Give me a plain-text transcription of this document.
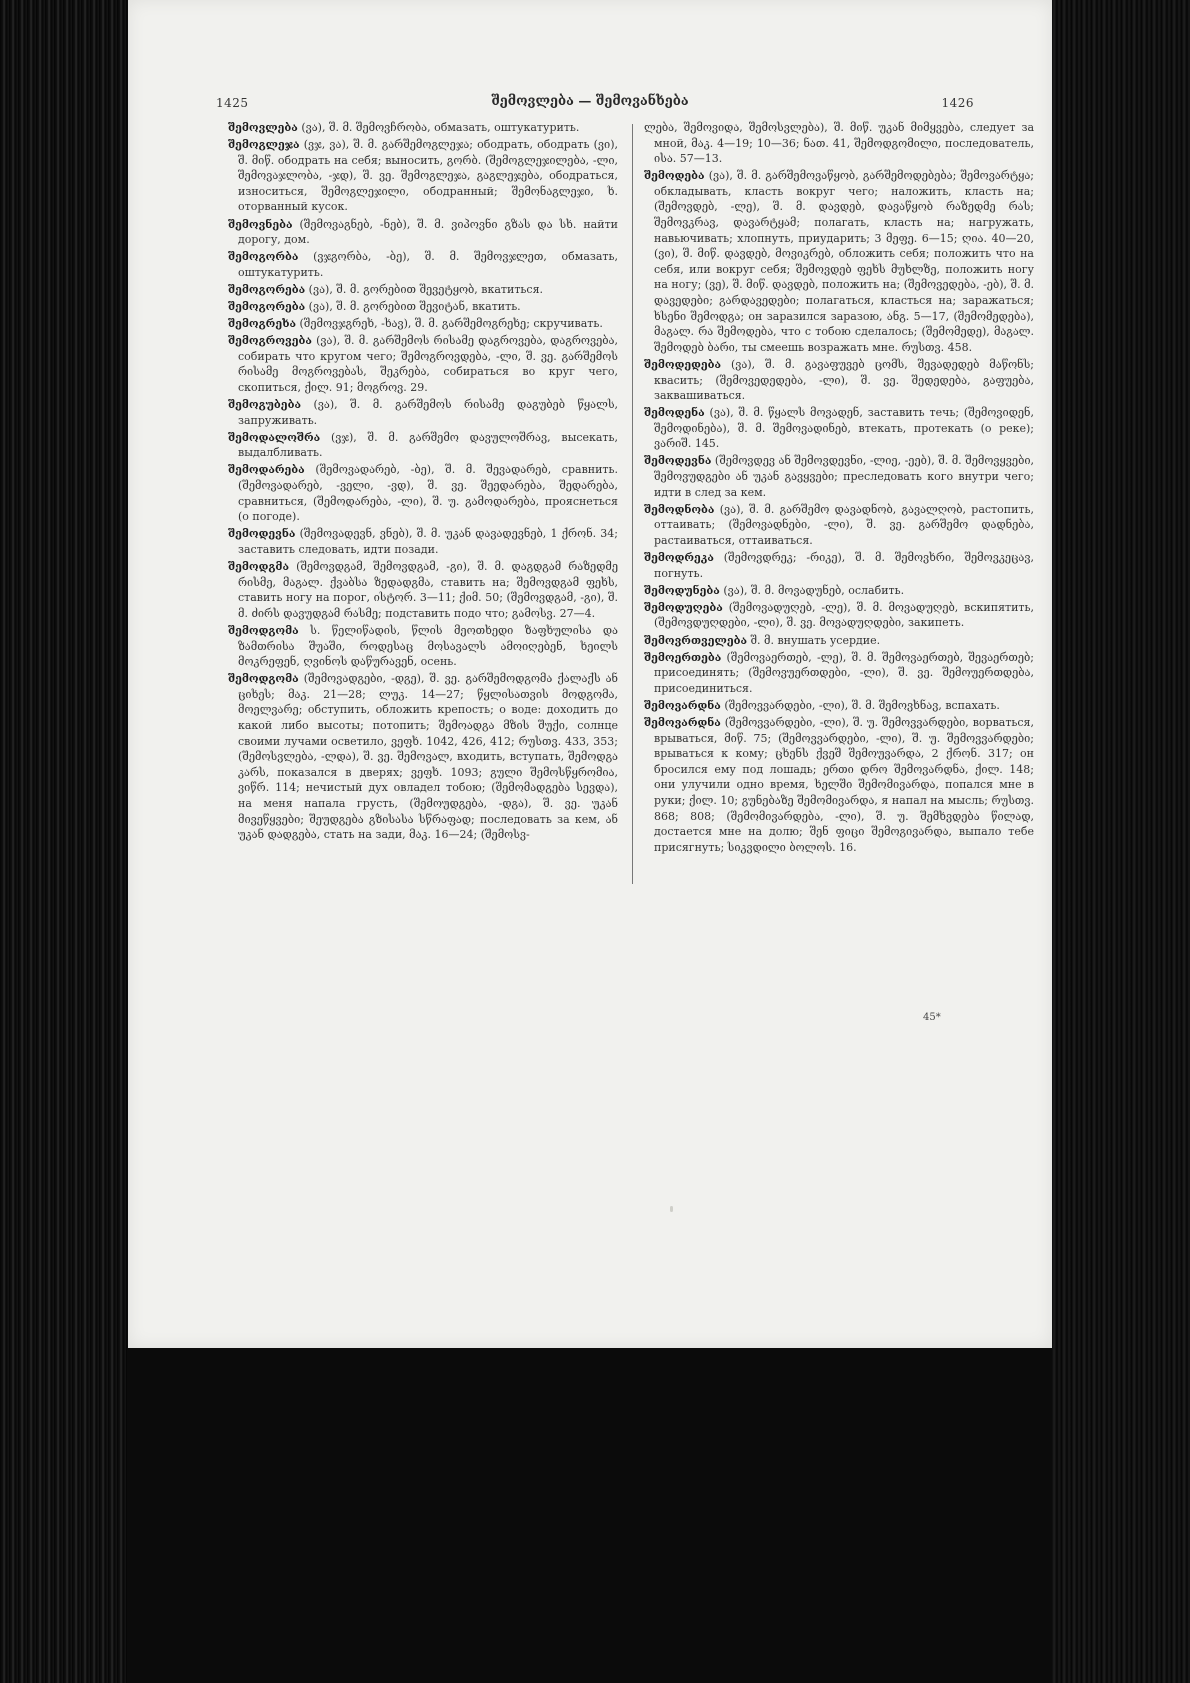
1425	შემოვლება — შემოვანხება	1426

შემოვლება (ვა), შ. მ. შემოვჩრობა, обмазать, оштукатурить.

შემოგლეჯა (ვჯ, ვა), შ. მ. გარშემოგლეჯა; ободрать, ободрать (ვი), შ. მიწ. ободрать на себя; выносить, გორბ. (შემოგლეჯილება, -ლი, შემოვაჯლობა, -ჯდ), შ. ვე. შემოგლეჯა, გაგლეჯება, ободраться, износиться, შემოგლეჯილი, ободранный; შემონაგლეჯი, ხ. оторванный кусок.

შემოვნება (შემოვაგნებ, -ნებ), შ. მ. ვიპოვნი გზას და სხ. найти дорогу, дом.

შემოგორბა (ვჯგორბა, -ბე), შ. მ. შემოვჯლეთ, обмазать, оштукатурить.

შემოგორება (ვა), შ. მ. გორებით შევეტყობ, вкатиться.

შემოგორება (ვა), შ. მ. გორებით შევიტან, вкатить.

შემოგრეხა (შემოვჯგრეხ, -ხავ), შ. მ. გარშემოგრეხე; скручивать.

შემოგროვება (ვა), შ. მ. გარშემოს რისამე დაგროვება, დაგროვება, собирать что кругом чего; შემოგროვდება, -ლი, შ. ვე. გარშემოს რისამე მოგროვებას, შეკრება, собираться во круг чего, скопиться, ქილ. 91; მოგროვ. 29.

შემოგუბება (ვა), შ. მ. გარშემოს რისამე დაგუბებ წყალს, запруживать.

შემოდალოშრა (ვჯ), შ. მ. გარშემო დავულოშრავ, высекать, выдалбливать.

შემოდარება (შემოვადარებ, -ბე), შ. მ. შევადარებ, сравнить. (შემოვადარებ, -ველი, -ვდ), შ. ვე. შეედარება, შედარება, сравниться, (შემოდარება, -ლი), შ. უ. გამოდარება, прояснеться (о погоде).

შემოდევნა (შემოვადევნ, ვნებ), შ. მ. უკან დავადევნებ, 1 ქრონ. 34; заставить следовать, идти позади.

შემოდგმა (შემოვდგამ, შემოვდგამ, -გი), შ. მ. დაგდგამ რაზედმე რისმე, მაგალ. ქვაბსა ზედადგმა, ставить на; შემოვდგამ ფეხს, ставить ногу на порог, ისტორ. 3—11; ქიმ. 50; (შემოვდგამ, -გი), შ. მ. ძირს დავუდგამ რასმე; подставить подо что; გამოსვ. 27—4.

შემოდგომა ს. წელიწადის, წლის მეოთხედი ზაფხულისა და ზამთრისა შუაში, როდესაც მოსავალს ამოიღებენ, ხეილს მოკრეფენ, ღვინოს დაწურავენ, осень.

შემოდგომა (შემოვადგები, -დგე), შ. ვე. გარშემოდგომა ქალაქს ან ციხეს; მაკ. 21—28; ლუკ. 14—27; წყლისათვის მოდგომა, მოელვარე; обступить, обложить крепость; о воде: доходить до какой либо высоты; потопить; შემოადგა მზის შუქი, солнце своими лучами осветило, ვეფხ. 1042, 426, 412; რუსთვ. 433, 353; (შემოსვლება, -ლდა), შ. ვე. შემოვალ, входить, вступать, შემოდგა კარს, показался в дверях; ვეფხ. 1093; გული შემოსწყრომია, ვიწრ. 114; нечистый дух овладел тобою; (შემომადგება სევდა), на меня напала грусть, (შემოუდგება, -დგა), შ. ვე. უკან მივეწყვები; შეუდგება გზისასა სწრაფად; последовать за кем, ან უკან დადგება, стать на зади, მაკ. 16—24; (შემოსვ-

ლება, შემოვიდა, შემოსვლება), შ. მიწ. უკან მიმყვება, следует за мной, მაკ. 4—19; 10—36; ნათ. 41, შემოდგომილი, последователь, ისა. 57—13.

შემოდება (ვა), შ. მ. გარშემოვაწყობ, გარშემოდებება; შემოვარტყა; обкладывать, класть вокруг чего; наложить, класть на; (შემოვდებ, -ლე), შ. მ. დავდებ, დავაწყობ რაზედმე რას; შემოვკრავ, დავარტყამ; полагать, класть на; нагружать, навьючивать; хлопнуть, приударить; 3 მეფე. 6—15; ღია. 40—20, (ვი), შ. მიწ. დავდებ, მოვიკრებ, обложить себя; положить что на себя, или вокруг себя; შემოვდებ ფეხს მუხლზე, положить ногу на ногу; (ვე), შ. მიწ. დავდებ, положить на; (შემოვედება, -ებ), შ. მ. დავედები; გარდავედები; полагаться, класться на; заражаться; ხსენი შემოდგა; он заразился заразою, ანგ. 5—17, (შემომედება), მაგალ. რა შემოდება, что с тобою сделалось; (შემომედე), მაგალ. შემოდებ ბარი, ты смеешь возражать мне. რუსთვ. 458.

შემოდედება (ვა), შ. მ. გავაფუვებ ცომს, შევადედებ მაწონს; квасить; (შემოვედედება, -ლი), შ. ვე. შედედება, გაფუება, заквашиваться.

შემოდენა (ვა), შ. მ. წყალს მოვადენ, заставить течь; (შემოვიდენ, შემოდინება), შ. მ. შემოვადინებ, втекать, протекать (о реке); ვარიშ. 145.

შემოდევნა (შემოვდევ ან შემოვდევნი, -ლიე, -ეებ), შ. მ. შემოვყვები, შემოვუდგები ან უკან გავყვები; преследовать кого внутри чего; идти в след за кем.

შემოდნობა (ვა), შ. მ. გარშემო დავადნობ, გავალღობ, растопить, оттаивать; (შემოვადნები, -ლი), შ. ვე. გარშემო დადნება, растаиваться, оттаиваться.

შემოდრეკა (შემოვდრეკ; -რიკე), შ. მ. შემოვხრი, შემოვკეცავ, погнуть.

შემოდუნება (ვა), შ. მ. მოვადუნებ, ослабить.

შემოდუღება (შემოვადუღებ, -ლე), შ. მ. მოვადუღებ, вскипятить, (შემოვდუღდები, -ლი), შ. ვე. მოვადუღდები, закипеть.

შემოვრთველება შ. მ. внушать усердие.

შემოერთება (შემოვაერთებ, -ლე), შ. მ. შემოვაერთებ, შევაერთებ; присоединять; (შემოვუერთდები, -ლი), შ. ვე. შემოუერთდება, присоединиться.

შემოვარდნა (შემოვვარდები, -ლი), შ. მ. შემოვხნავ, вспахать.

შემოვარდნა (შემოვვარდები, -ლი), შ. უ. შემოვვარდები, ворваться, врываться, მიწ. 75; (შემოვვარდები, -ლი), შ. უ. შემოვვარდები; врываться к кому; ცხენს ქვეშ შემოუვარდა, 2 ქრონ. 317; он бросился ему под лошадь; ერთი დრო შემოვარდნა, ქილ. 148; они улучили одно время, ხელში შემომივარდა, попался мне в руки; ქილ. 10; გუნებაზე შემომივარდა, я напал на мысль; რუსთვ. 868; 808; (შემომივარდება, -ლი), შ. უ. შემხვდება წილად, достается мне на долю; შენ ფიცი შემოგივარდა, выпало тебе присягнуть; სიკვდილი ბოლოს. 16.

45*
